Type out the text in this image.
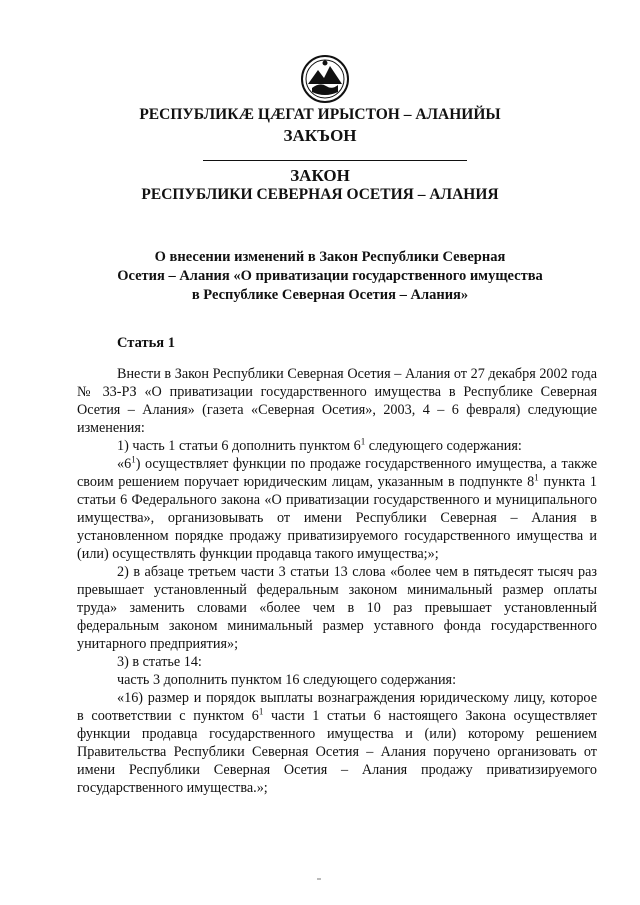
РЕСПУБЛИКÆ ЦÆГАТ ИРЫСТОН – АЛАНИЙЫ
ЗАКЪОН
ЗАКОН
РЕСПУБЛИКИ СЕВЕРНАЯ ОСЕТИЯ – АЛАНИЯ
О внесении изменений в Закон Республики Северная
Осетия – Алания «О приватизации государственного имущества
в Республике Северная Осетия – Алания»
Статья 1

Внести в Закон Республики Северная Осетия – Алания от 27 декабря 2002 года № 33-РЗ «О приватизации государственного имущества в Республике Северная Осетия – Алания» (газета «Северная Осетия», 2003, 4 – 6 февраля) следующие изменения:

1) часть 1 статьи 6 дополнить пунктом $6^1$ следующего содержания:

«$6^1$) осуществляет функции по продаже государственного имущества, а также своим решением поручает юридическим лицам, указанным в подпункте $8^1$ пункта 1 статьи 6 Федерального закона «О приватизации государственного и муниципального имущества», организовывать от имени Республики Северная – Алания в установленном порядке продажу приватизируемого государственного имущества и (или) осуществлять функции продавца такого имущества;»;

2) в абзаце третьем части 3 статьи 13 слова «более чем в пятьдесят тысяч раз превышает установленный федеральным законом минимальный размер оплаты труда» заменить словами «более чем в 10 раз превышает установленный федеральным законом минимальный размер уставного фонда государственного унитарного предприятия»;

3) в статье 14:

часть 3 дополнить пунктом 16 следующего содержания:

«16) размер и порядок выплаты вознаграждения юридическому лицу, которое в соответствии с пунктом $6^1$ части 1 статьи 6 настоящего Закона осуществляет функции продавца государственного имущества и (или) которому решением Правительства Республики Северная Осетия – Алания поручено организовать от имени Республики Северная Осетия – Алания продажу приватизируемого государственного имущества.»;
